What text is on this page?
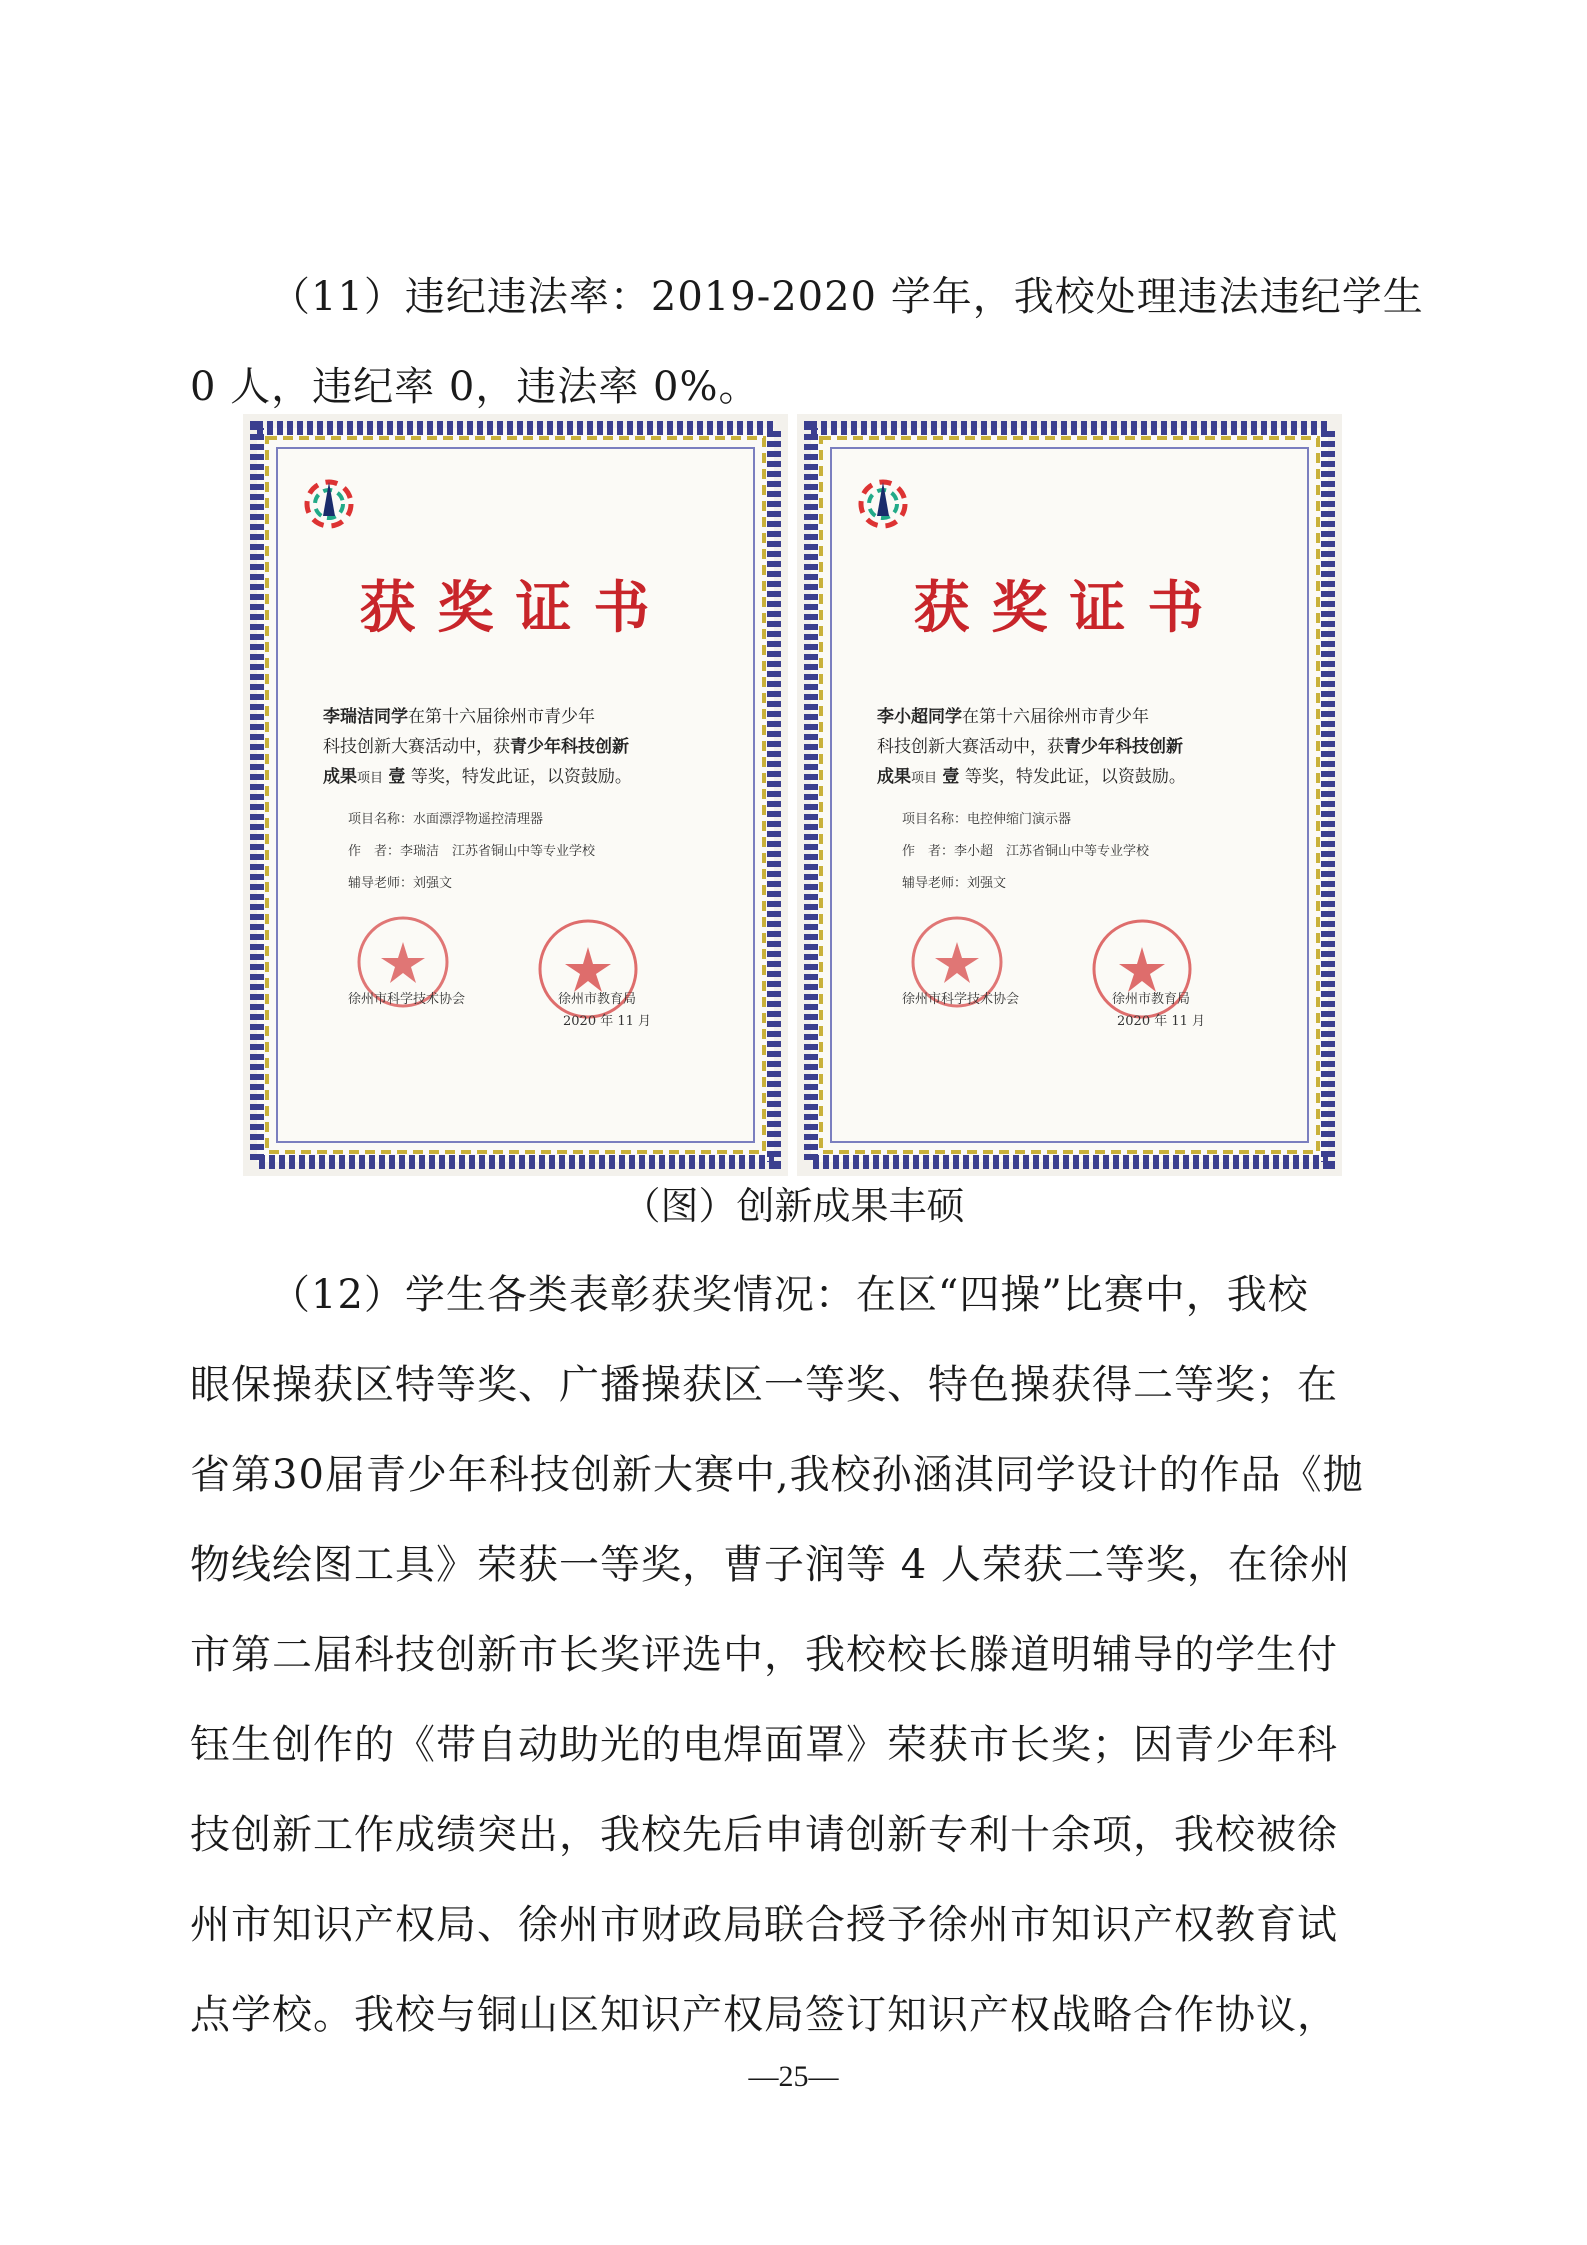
（11）违纪违法率：2019-2020 学年，我校处理违法违纪学生
0 人，违纪率 0，违法率 0%。
获奖证书
李瑞洁同学在第十六届徐州市青少年
科技创新大赛活动中，获青少年科技创新
成果项目 壹 等奖，特发此证，以资鼓励。
项目名称：水面漂浮物遥控清理器
作　者：李瑞洁　江苏省铜山中等专业学校
辅导老师：刘强文
徐州市科学技术协会	徐州市教育局
2020 年 11 月
获奖证书
李小超同学在第十六届徐州市青少年
科技创新大赛活动中，获青少年科技创新
成果项目 壹 等奖，特发此证，以资鼓励。
项目名称：电控伸缩门演示器
作　者：李小超　江苏省铜山中等专业学校
辅导老师：刘强文
徐州市科学技术协会	徐州市教育局
2020 年 11 月
（图）创新成果丰硕
（12）学生各类表彰获奖情况：在区“四操”比赛中，我校
眼保操获区特等奖、广播操获区一等奖、特色操获得二等奖；在
省第30届青少年科技创新大赛中,我校孙涵淇同学设计的作品《抛
物线绘图工具》荣获一等奖，曹子润等 4 人荣获二等奖，在徐州
市第二届科技创新市长奖评选中，我校校长滕道明辅导的学生付
钰生创作的《带自动助光的电焊面罩》荣获市长奖；因青少年科
技创新工作成绩突出，我校先后申请创新专利十余项，我校被徐
州市知识产权局、徐州市财政局联合授予徐州市知识产权教育试
点学校。我校与铜山区知识产权局签订知识产权战略合作协议，
—25—
